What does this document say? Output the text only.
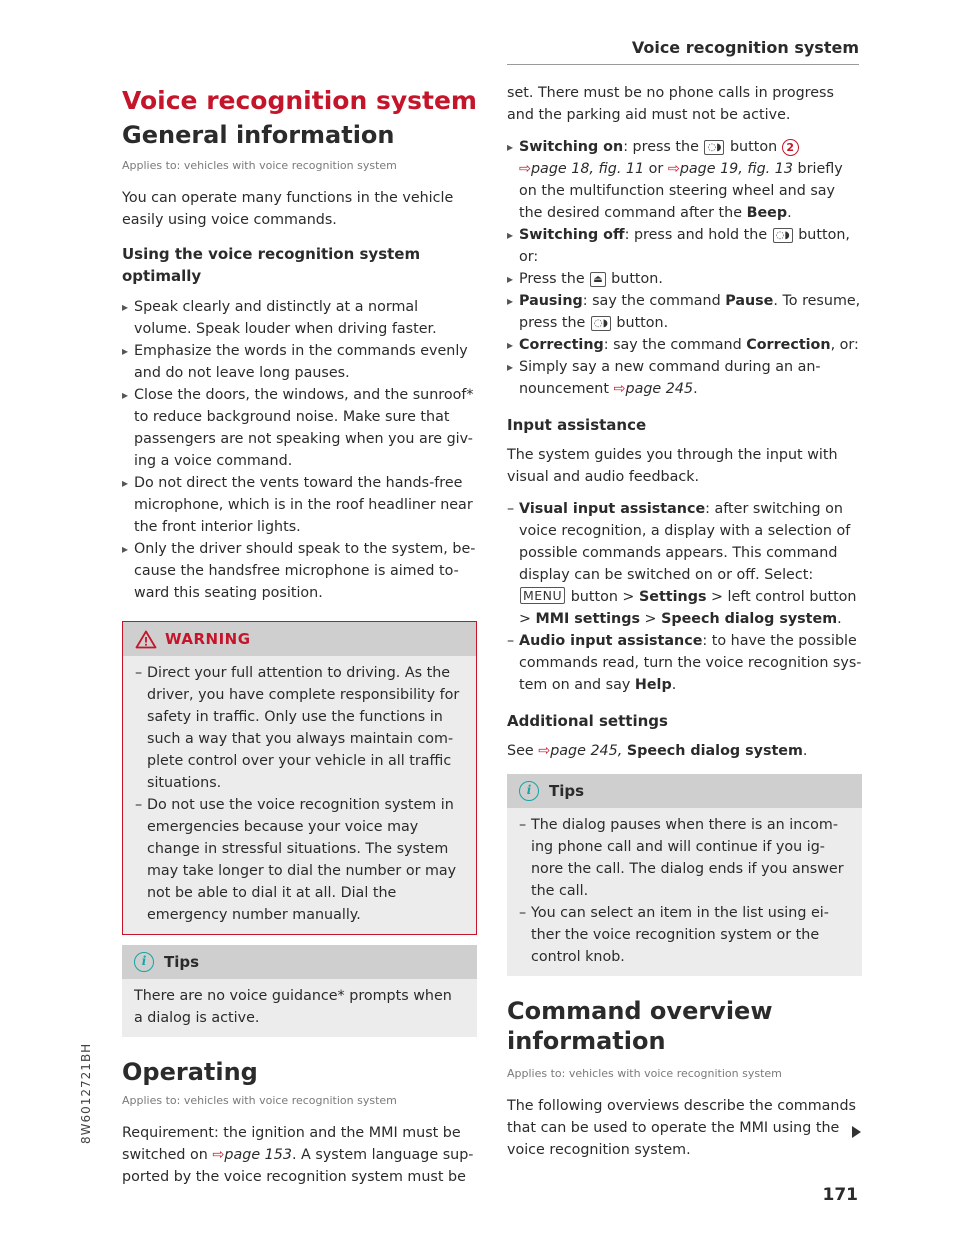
Voice recognition system
Voice recognition system
General information
Applies to: vehicles with voice recognition system

You can operate many functions in the vehicle easily using voice commands.

Using the voice recognition system optimally
▸ Speak clearly and distinctly at a normal volume. Speak louder when driving faster.
▸ Emphasize the words in the commands evenly and do not leave long pauses.
▸ Close the doors, the windows, and the sunroof* to reduce background noise. Make sure that passengers are not speaking when you are giv-ing a voice command.
▸ Do not direct the vents toward the hands-free microphone, which is in the roof headliner near the front interior lights.
▸ Only the driver should speak to the system, be-cause the handsfree microphone is aimed to-ward this seating position.
WARNING
– Direct your full attention to driving. As the driver, you have complete responsibility for safety in traffic. Only use the functions in such a way that you always maintain com-plete control over your vehicle in all traffic situations.
– Do not use the voice recognition system in emergencies because your voice may change in stressful situations. The system may take longer to dial the number or may not be able to dial it at all. Dial the emergency number manually.
i	Tips

There are no voice guidance* prompts when a dialog is active.

Operating
Applies to: vehicles with voice recognition system

Requirement: the ignition and the MMI must be switched on ⇨page 153. A system language sup-ported by the voice recognition system must be

set. There must be no phone calls in progress and the parking aid must not be active.

▸ Switching on: press the ◌◗ button 2
⇨page 18, fig. 11 or ⇨page 19, fig. 13 briefly on the multifunction steering wheel and say the desired command after the Beep.
▸ Switching off: press and hold the ◌◗ button, or:
▸ Press the ⏏ button.
▸ Pausing: say the command Pause. To resume, press the ◌◗ button.
▸ Correcting: say the command Correction, or:
▸ Simply say a new command during an an-nouncement ⇨page 245.
Input assistance

The system guides you through the input with visual and audio feedback.

– Visual input assistance: after switching on voice recognition, a display with a selection of possible commands appears. This command display can be switched on or off. Select: MENU button > Settings > left control button > MMI settings > Speech dialog system.
– Audio input assistance: to have the possible commands read, turn the voice recognition sys-tem on and say Help.
Additional settings

See ⇨page 245, Speech dialog system.

i	Tips
– The dialog pauses when there is an incom-ing phone call and will continue if you ig-nore the call. The dialog ends if you answer the call.
– You can select an item in the list using ei-ther the voice recognition system or the control knob.
Command overview information
Applies to: vehicles with voice recognition system

The following overviews describe the commands that can be used to operate the MMI using the voice recognition system.

8W6012721BH
171
